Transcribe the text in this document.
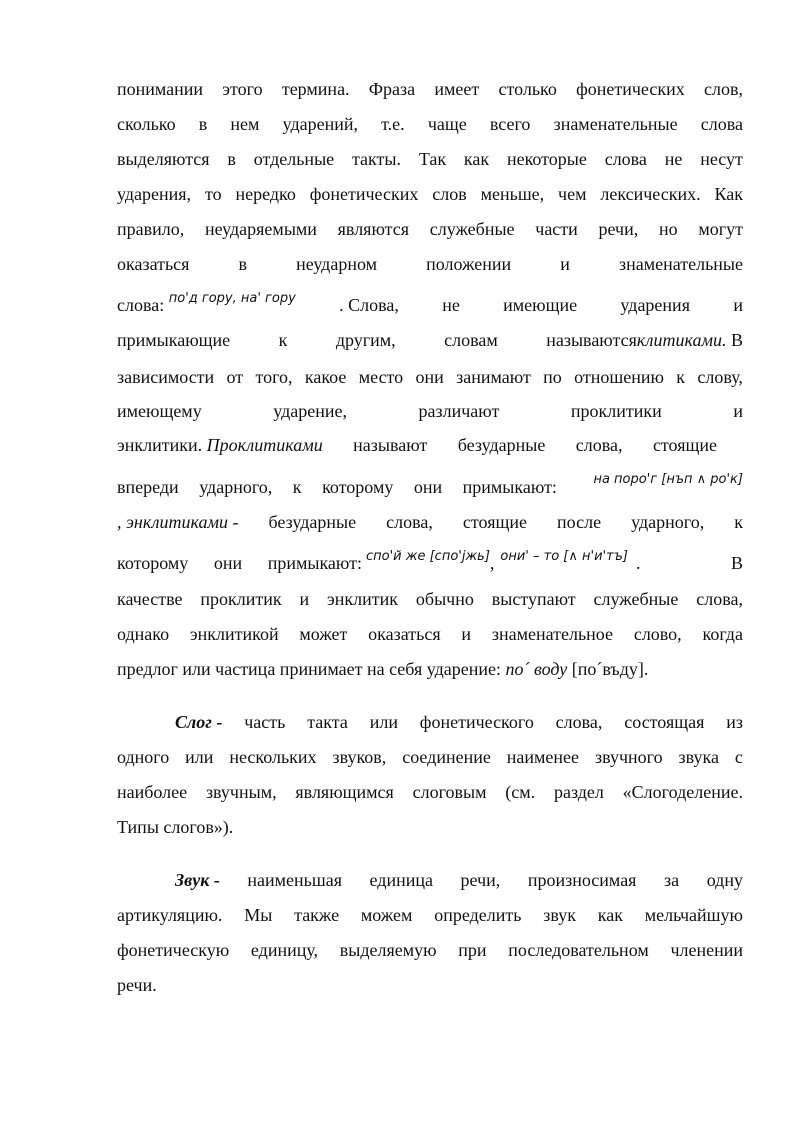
понимании этого термина. Фраза имеет столько фонетических слов,
сколько в нем ударений, т.е. чаще всего знаменательные слова
выделяются в отдельные такты. Так как некоторые слова не несут
ударения, то нередко фонетических слов меньше, чем лексических. Как
правило, неударяемыми являются служебные части речи, но могут
оказаться	в	неударном	положении	и	знаменательные
слова: по'д гору, на' гору . Слова, не имеющие ударения и
примыкающие	к	другим,	словам	называютсяклитиками. В
зависимости от того, какое место они занимают по отношению к слову,
имеющему	ударение,	различают	проклитики	и
энклитики. Проклитиками называют безударные слова, стоящие
впереди ударного, к которому они примыкают:	на поро'г [нъп ∧ ро'к]
, энклитиками - безударные слова, стоящие после ударного, к
которому они примыкают: спо'й же [спо'jжь] , они' – то [∧ н'и'тъ] .	В
качестве проклитик и энклитик обычно выступают служебные слова,
однако энклитикой может оказаться и знаменательное слово, когда
предлог или частица принимает на себя ударение: по´ воду [по´въду].
Слог - часть такта или фонетического слова, состоящая из
одного или нескольких звуков, соединение наименее звучного звука с
наиболее звучным, являющимся слоговым (см. раздел «Слогоделение.
Типы слогов»).
Звук - наименьшая единица речи, произносимая за одну
артикуляцию. Мы также можем определить звук как мельчайшую
фонетическую единицу, выделяемую при последовательном членении
речи.
